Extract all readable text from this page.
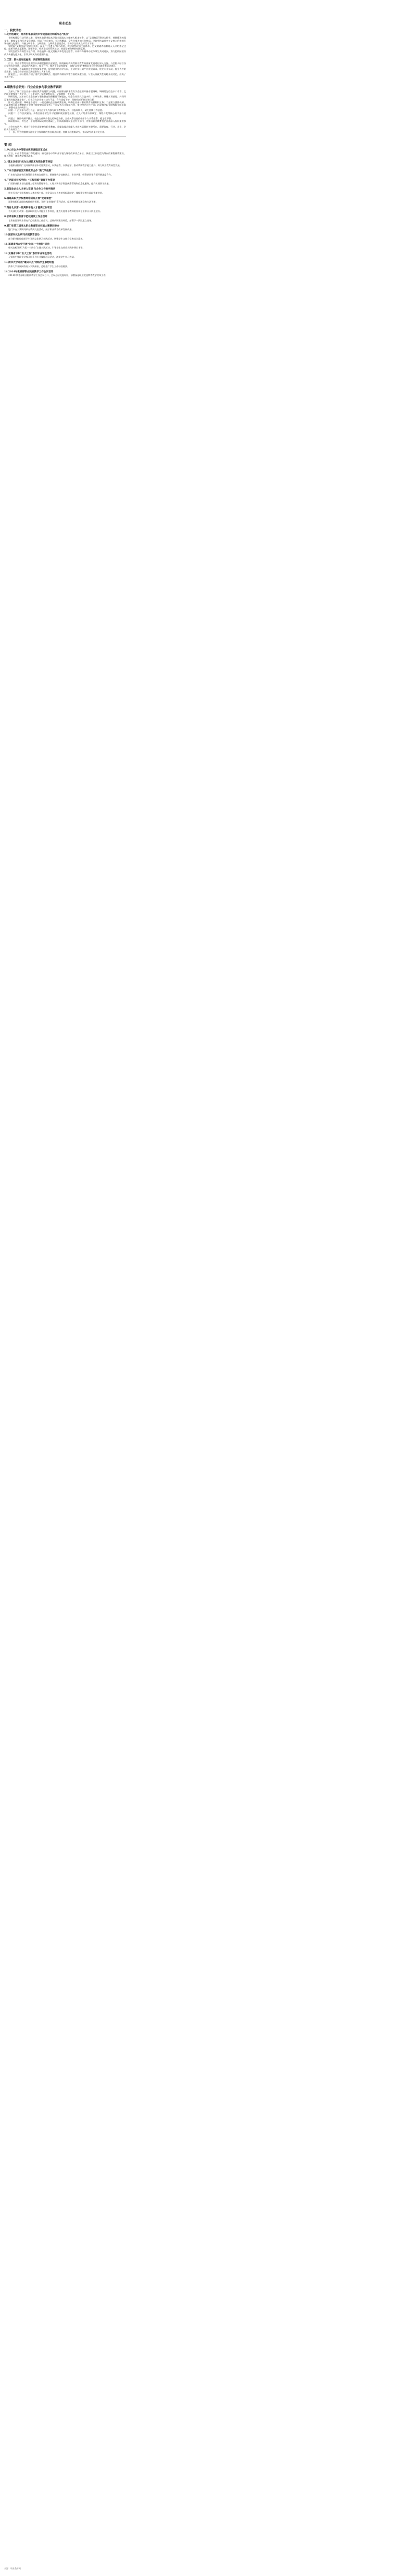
职业动态
一、院校动态
1.艾明校建设，常州机电职业技术学院基础文明新形态“焦点”

艾明校建设行动开展以来，常州机电职业技术学院全面落实立德树人根本任务，以“文明校园”建设为抓手，持续推进校园文化、制度文化和行为文化建设，形成了全员参与、全过程覆盖、全方位推进的工作格局。学院坚持以社会主义核心价值观引领校园文化建设，开展文明宿舍、文明班级、文明教室创建活动，引导学生养成良好行为习惯。

学院以“文明校园”建设为契机，深化“三全育人”综合改革，构建思想政治工作体系，把文明素养培育融入人才培养全过程。组织开展志愿服务、道德讲堂、经典诵读等系列活动，营造崇德向善的校园氛围。

学院注重发挥典型示范作用，评选表彰一批文明标兵和优秀志愿者，以榜样力量带动全体师生共同进步，努力把校园建设成为传播先进文化、引领文明风尚的重要阵地。

2.江苏：院长面对面座谈，共谋高职新发展

近日，江苏省教育厅组织召开高职院校院长座谈会，围绕新时代高等职业教育高质量发展进行深入交流。与会院长结合各自学校办学实践，就深化产教融合、校企合作，推进专业结构调整，加强“双师型”教师队伍建设等议题发表意见建议。

会议强调，各高职院校要坚持服务发展、促进就业的办学方向，主动对接区域产业发展需求，优化专业布局，提升人才培养质量，为地方经济社会发展提供有力人才支撑。

座谈会上，部分院校介绍了现代学徒制试点、混合所有制办学等方面的探索经验，与会人员就共性问题开展讨论，形成了多项共识。

3.职教学会研究：行业企业参与职业教育调研

为深入了解行业企业参与职业教育的现状与问题，中国职业技术教育学会组织开展专题调研。调研组先后赴多个省市，走访职业院校和合作企业，召开座谈会，发放调查问卷，全面掌握一手资料。

调研发现，近年来行业企业参与职业教育的积极性不断提高，校企合作形式日益多样，订单培养、共建实训基地、共同开发课程等做法逐步推广。但也存在企业参与动力不足、合作深度不够、保障机制不健全等问题。

针对上述问题，调研报告建议：一是完善校企合作政策法规，明确企业参与职业教育的权利和义务；二是建立激励机制，对深度参与职业教育的企业给予税收等方面支持；三是发挥行业组织作用，搭建校企合作平台；四是推动职业院校提升服务能力，增强对企业的吸引力。

问题一：企业参与动力不足。部分企业认为参与职业教育投入大、回报周期长，缺乏持续合作意愿。

问题二：合作层次偏浅。多数合作停留在实习安排和就业推荐层面，在人才培养方案制定、课程开发等核心环节参与较少。

问题三：保障机制不健全。校企合作缺少稳定的制度安排，合作关系往往依赖于个人关系维系，稳定性不强。

调研组表示，将在进一步梳理调研成果的基础上，形成政策建议报送有关部门，为推动职业教育校企合作深入发展提供参考。

与会专家认为，推动行业企业深度参与职业教育，是提高技术技能人才培养质量的关键所在，需要政府、行业、企业、学校多方协同发力。

下一步，学会将继续关注校企合作领域的热点难点问题，持续开展跟踪研究，推动研究成果转化应用。

要 闻
1.中山市以为中等职业教育课程改革试点

近日，中山市教育部门印发通知，确定部分中等职业学校为课程改革试点单位，探索以工作过程为导向的课程体系建设，推进理实一体化教学模式改革。

2.“基本功修炼”成为比拼技术和职业教育转型

各地职业院校广泛开展教师基本功比赛活动，以赛促教、以赛促学，推动教师教学能力提升，助力职业教育转型发展。

3.广东与西部省区开展教育合作“现代学徒制”

广东省与西部省区签署职业教育合作协议，围绕现代学徒制试点、专业共建、师资培训等方面开展深度合作。

4.广西职业技术学院：“工程训练”管理平台搭建

广西职业技术学院搭建工程训练管理平台，实现实训教学资源统筹管理和信息化服务，提升实践教学质量。

5.新闻业企业人才举人至明 与合作工作有所推动

相关行业企业积极参与人才培养工作，校企双方在人才培养标准制定、课程建设等方面取得新进展。

6.福建高职大学校教师培训班开展“走进课堂”

福建省组织高职院校教师培训班，开展“走进课堂”系列活动，促进教师教学理念和方法更新。

7.英省北京第一批高职学院人才提高工作项目

有关部门启动第一批高职院校人才提升工作项目，重点支持骨干教师培养和专业带头人队伍建设。

8.甘肃省职业教育示范校建设工作会召开

甘肃省召开职业教育示范校建设工作会议，总结前期建设经验，部署下一阶段重点任务。

9.厦门在第三届亚太职业教育职业技能大赛期间举办

厦门市在大赛期间举办系列交流活动，展示职业教育改革发展成果。

10.国家和文化研习实践教育活动

部分职业院校组织学生开展文化研习实践活动，增强学生文化自信和综合素养。

11.福建省两大学开展“为民一个岗位”活动

相关高校开展“为民一个岗位”主题实践活动，引导学生在社会实践中增长才干。

12.无锡省中职“五大工作”系列专业学生活动

无锡市中等职业学校开展系列专业技能展示活动，激发学生学习热情。

13.清华大学开展“最试木点”网络学生事物经验

清华大学开展网络育人实践探索，总结推广学生工作经验做法。

14.2014年教育部职业院校教学工作会议召开

2014年教育部职业院校教学工作会议召开，会议总结交流经验，部署深化职业院校教育教学改革工作。

来源：职业教育网
